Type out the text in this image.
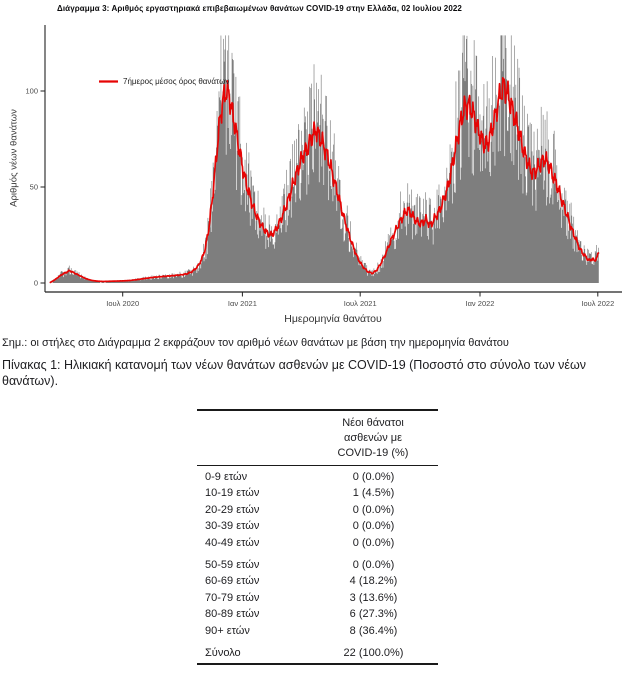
0
50
100
Ιουλ 2020	Ιαν 2021	Ιουλ 2021	Ιαν 2022	Ιουλ 2022
Διάγραμμα 3: Αριθμός εργαστηριακά επιβεβαιωμένων θανάτων COVID-19 στην Ελλάδα, 02 Ιουλίου 2022
7ήμερος μέσος όρος θανάτων
Αριθμός νέων θανάτων
Ημερομηνία θανάτου
Σημ.: οι στήλες στο Διάγραμμα 2 εκφράζουν τον αριθμό νέων θανάτων με βάση την ημερομηνία θανάτου
Πίνακας 1: Ηλικιακή κατανομή των νέων θανάτων ασθενών με COVID-19 (Ποσοστό στο σύνολο των νέων θανάτων).
Νέοι θάνατοι
ασθενών με
COVID-19 (%)
0-9 ετών	0 (0.0%)
10-19 ετών	1 (4.5%)
20-29 ετών	0 (0.0%)
30-39 ετών	0 (0.0%)
40-49 ετών	0 (0.0%)
50-59 ετών	0 (0.0%)
60-69 ετών	4 (18.2%)
70-79 ετών	3 (13.6%)
80-89 ετών	6 (27.3%)
90+ ετών	8 (36.4%)
Σύνολο	22 (100.0%)
